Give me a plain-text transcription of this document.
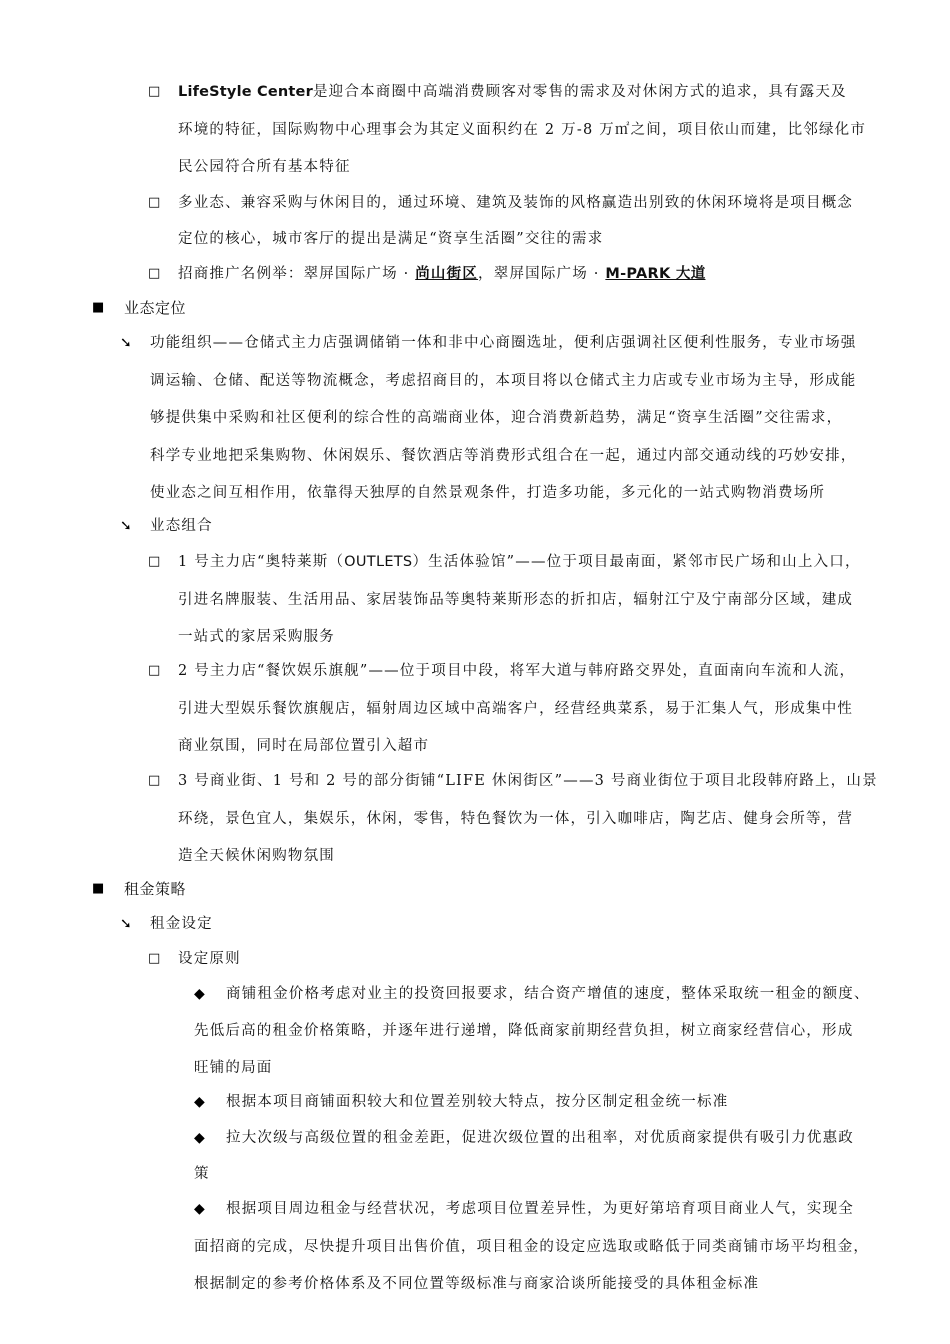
□ LifeStyle Center是迎合本商圈中高端消费顾客对零售的需求及对休闲方式的追求，具有露天及
环境的特征，国际购物中心理事会为其定义面积约在 2 万-8 万㎡之间，项目依山而建，比邻绿化市
民公园符合所有基本特征
□ 多业态、兼容采购与休闲目的，通过环境、建筑及装饰的风格赢造出别致的休闲环境将是项目概念
定位的核心，城市客厅的提出是满足“资享生活圈”交往的需求
□ 招商推广名例举：翠屏国际广场 · 尚山街区，翠屏国际广场 · M-PARK 大道
■ 业态定位
➘ 功能组织——仓储式主力店强调储销一体和非中心商圈选址，便利店强调社区便利性服务，专业市场强
调运输、仓储、配送等物流概念，考虑招商目的，本项目将以仓储式主力店或专业市场为主导，形成能
够提供集中采购和社区便利的综合性的高端商业体，迎合消费新趋势，满足“资享生活圈”交往需求，
科学专业地把采集购物、休闲娱乐、餐饮酒店等消费形式组合在一起，通过内部交通动线的巧妙安排，
使业态之间互相作用，依靠得天独厚的自然景观条件，打造多功能，多元化的一站式购物消费场所
➘ 业态组合
□ 1 号主力店“奥特莱斯（OUTLETS）生活体验馆”——位于项目最南面，紧邻市民广场和山上入口，
引进名牌服装、生活用品、家居装饰品等奥特莱斯形态的折扣店，辐射江宁及宁南部分区域，建成
一站式的家居采购服务
□ 2 号主力店“餐饮娱乐旗舰”——位于项目中段，将军大道与韩府路交界处，直面南向车流和人流，
引进大型娱乐餐饮旗舰店，辐射周边区域中高端客户，经营经典菜系，易于汇集人气，形成集中性
商业氛围，同时在局部位置引入超市
□ 3 号商业街、1 号和 2 号的部分街铺“LIFE 休闲街区”——3 号商业街位于项目北段韩府路上，山景
环绕，景色宜人，集娱乐，休闲，零售，特色餐饮为一体，引入咖啡店，陶艺店、健身会所等，营
造全天候休闲购物氛围
■ 租金策略
➘ 租金设定
□ 设定原则
◆ 商铺租金价格考虑对业主的投资回报要求，结合资产增值的速度，整体采取统一租金的额度、
先低后高的租金价格策略，并逐年进行递增，降低商家前期经营负担，树立商家经营信心，形成
旺铺的局面
◆ 根据本项目商铺面积较大和位置差别较大特点，按分区制定租金统一标准
◆ 拉大次级与高级位置的租金差距，促进次级位置的出租率，对优质商家提供有吸引力优惠政
策
◆ 根据项目周边租金与经营状况，考虑项目位置差异性，为更好第培育项目商业人气，实现全
面招商的完成，尽快提升项目出售价值，项目租金的设定应选取或略低于同类商铺市场平均租金，
根据制定的参考价格体系及不同位置等级标准与商家洽谈所能接受的具体租金标准
